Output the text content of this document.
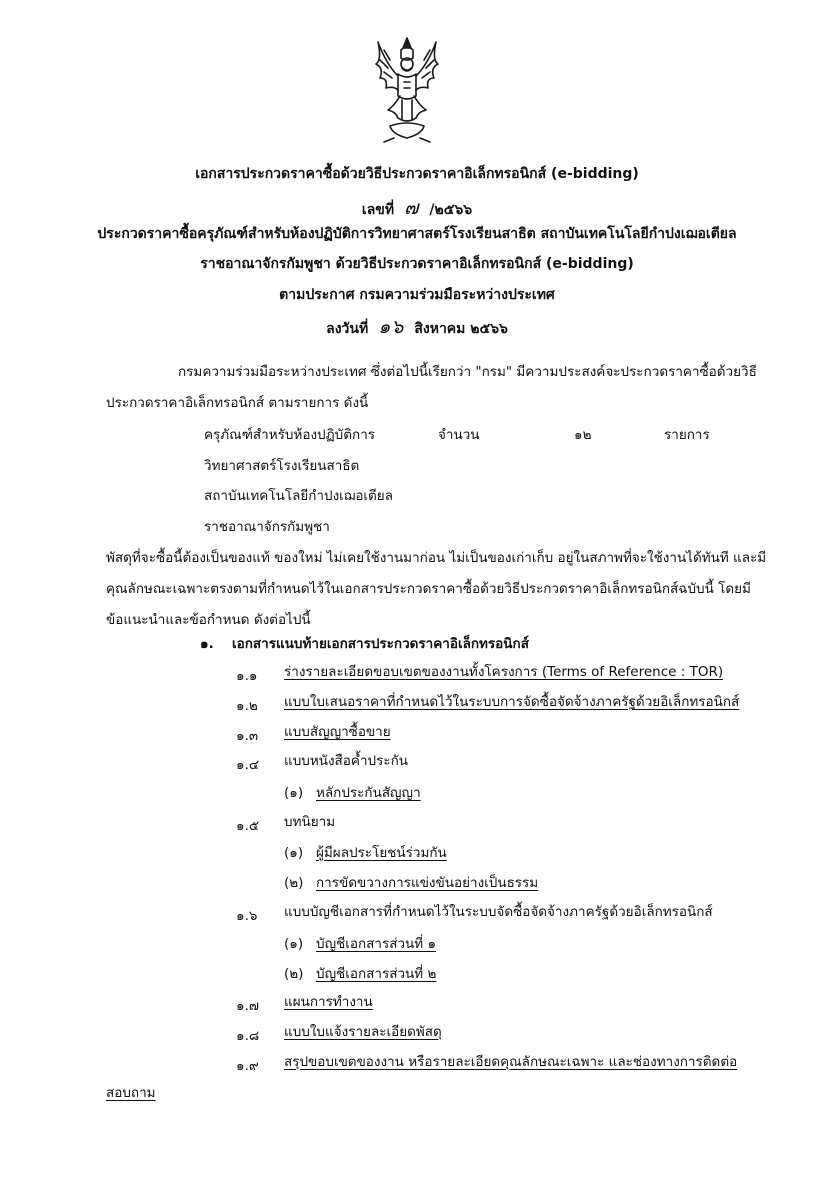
เอกสารประกวดราคาซื้อด้วยวิธีประกวดราคาอิเล็กทรอนิกส์ (e-bidding)
เลขที่ ๗ /๒๕๖๖
ประกวดราคาซื้อครุภัณฑ์สำหรับห้องปฏิบัติการวิทยาศาสตร์โรงเรียนสาธิต สถาบันเทคโนโลยีกำปงเฌอเตียล
ราชอาณาจักรกัมพูชา ด้วยวิธีประกวดราคาอิเล็กทรอนิกส์ (e-bidding)
ตามประกาศ กรมความร่วมมือระหว่างประเทศ
ลงวันที่ ๑๖ สิงหาคม ๒๕๖๖
กรมความร่วมมือระหว่างประเทศ ซึ่งต่อไปนี้เรียกว่า "กรม" มีความประสงค์จะประกวดราคาซื้อด้วยวิธี
ประกวดราคาอิเล็กทรอนิกส์ ตามรายการ ดังนี้
ครุภัณฑ์สำหรับห้องปฏิบัติการ	จำนวน	๑๒	รายการ
วิทยาศาสตร์โรงเรียนสาธิต
สถาบันเทคโนโลยีกำปงเฌอเตียล
ราชอาณาจักรกัมพูชา
พัสดุที่จะซื้อนี้ต้องเป็นของแท้ ของใหม่ ไม่เคยใช้งานมาก่อน ไม่เป็นของเก่าเก็บ อยู่ในสภาพที่จะใช้งานได้ทันที และมี
คุณลักษณะเฉพาะตรงตามที่กำหนดไว้ในเอกสารประกวดราคาซื้อด้วยวิธีประกวดราคาอิเล็กทรอนิกส์ฉบับนี้ โดยมี
ข้อแนะนำและข้อกำหนด ดังต่อไปนี้
๑. เอกสารแนบท้ายเอกสารประกวดราคาอิเล็กทรอนิกส์
๑.๑ ร่างรายละเอียดขอบเขตของงานทั้งโครงการ (Terms of Reference : TOR)
๑.๒ แบบใบเสนอราคาที่กำหนดไว้ในระบบการจัดซื้อจัดจ้างภาครัฐด้วยอิเล็กทรอนิกส์
๑.๓ แบบสัญญาซื้อขาย
๑.๔ แบบหนังสือค้ำประกัน
(๑) หลักประกันสัญญา
๑.๕ บทนิยาม
(๑) ผู้มีผลประโยชน์ร่วมกัน
(๒) การขัดขวางการแข่งขันอย่างเป็นธรรม
๑.๖ แบบบัญชีเอกสารที่กำหนดไว้ในระบบจัดซื้อจัดจ้างภาครัฐด้วยอิเล็กทรอนิกส์
(๑) บัญชีเอกสารส่วนที่ ๑
(๒) บัญชีเอกสารส่วนที่ ๒
๑.๗ แผนการทำงาน
๑.๘ แบบใบแจ้งรายละเอียดพัสดุ
๑.๙ สรุปขอบเขตของงาน หรือรายละเอียดคุณลักษณะเฉพาะ และช่องทางการติดต่อ
สอบถาม
